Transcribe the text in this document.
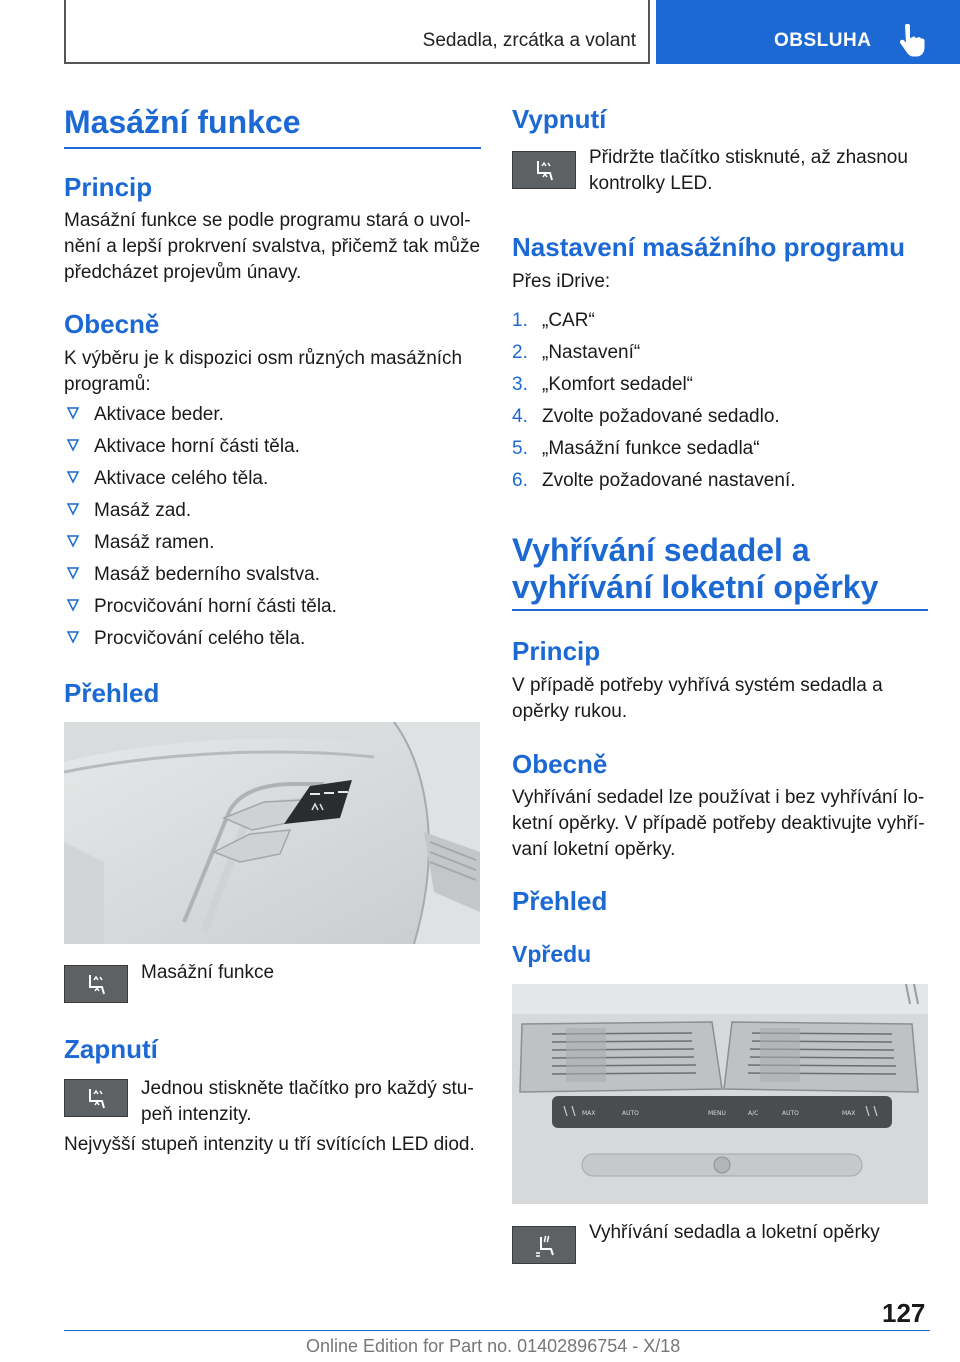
Sedadla, zrcátka a volant	OBSLUHA
Masážní funkce
Princip
Masážní funkce se podle programu stará o uvol‐
nění a lepší prokrvení svalstva, přičemž tak může
předcházet projevům únavy.
Obecně
K výběru je k dispozici osm různých masážních
programů:
Aktivace beder.
Aktivace horní části těla.
Aktivace celého těla.
Masáž zad.
Masáž ramen.
Masáž bederního svalstva.
Procvičování horní části těla.
Procvičování celého těla.
Přehled
Masážní funkce
Zapnutí
Jednou stiskněte tlačítko pro každý stu‐
peň intenzity.
Nejvyšší stupeň intenzity u tří svítících LED diod.
Vypnutí
Přidržte tlačítko stisknuté, až zhasnou
kontrolky LED.
Nastavení masážního programu
Přes iDrive:
1. „CAR“
2. „Nastavení“
3. „Komfort sedadel“
4. Zvolte požadované sedadlo.
5. „Masážní funkce sedadla“
6. Zvolte požadované nastavení.
Vyhřívání sedadel a
vyhřívání loketní opěrky
Princip
V případě potřeby vyhřívá systém sedadla a
opěrky rukou.
Obecně
Vyhřívání sedadel lze používat i bez vyhřívání lo‐
ketní opěrky. V případě potřeby deaktivujte vyhří‐
vaní loketní opěrky.
Přehled
Vpředu
MAX	AUTO	MENU	A/C	AUTO	MAX
Vyhřívání sedadla a loketní opěrky
127
Online Edition for Part no. 01402896754 - X/18
